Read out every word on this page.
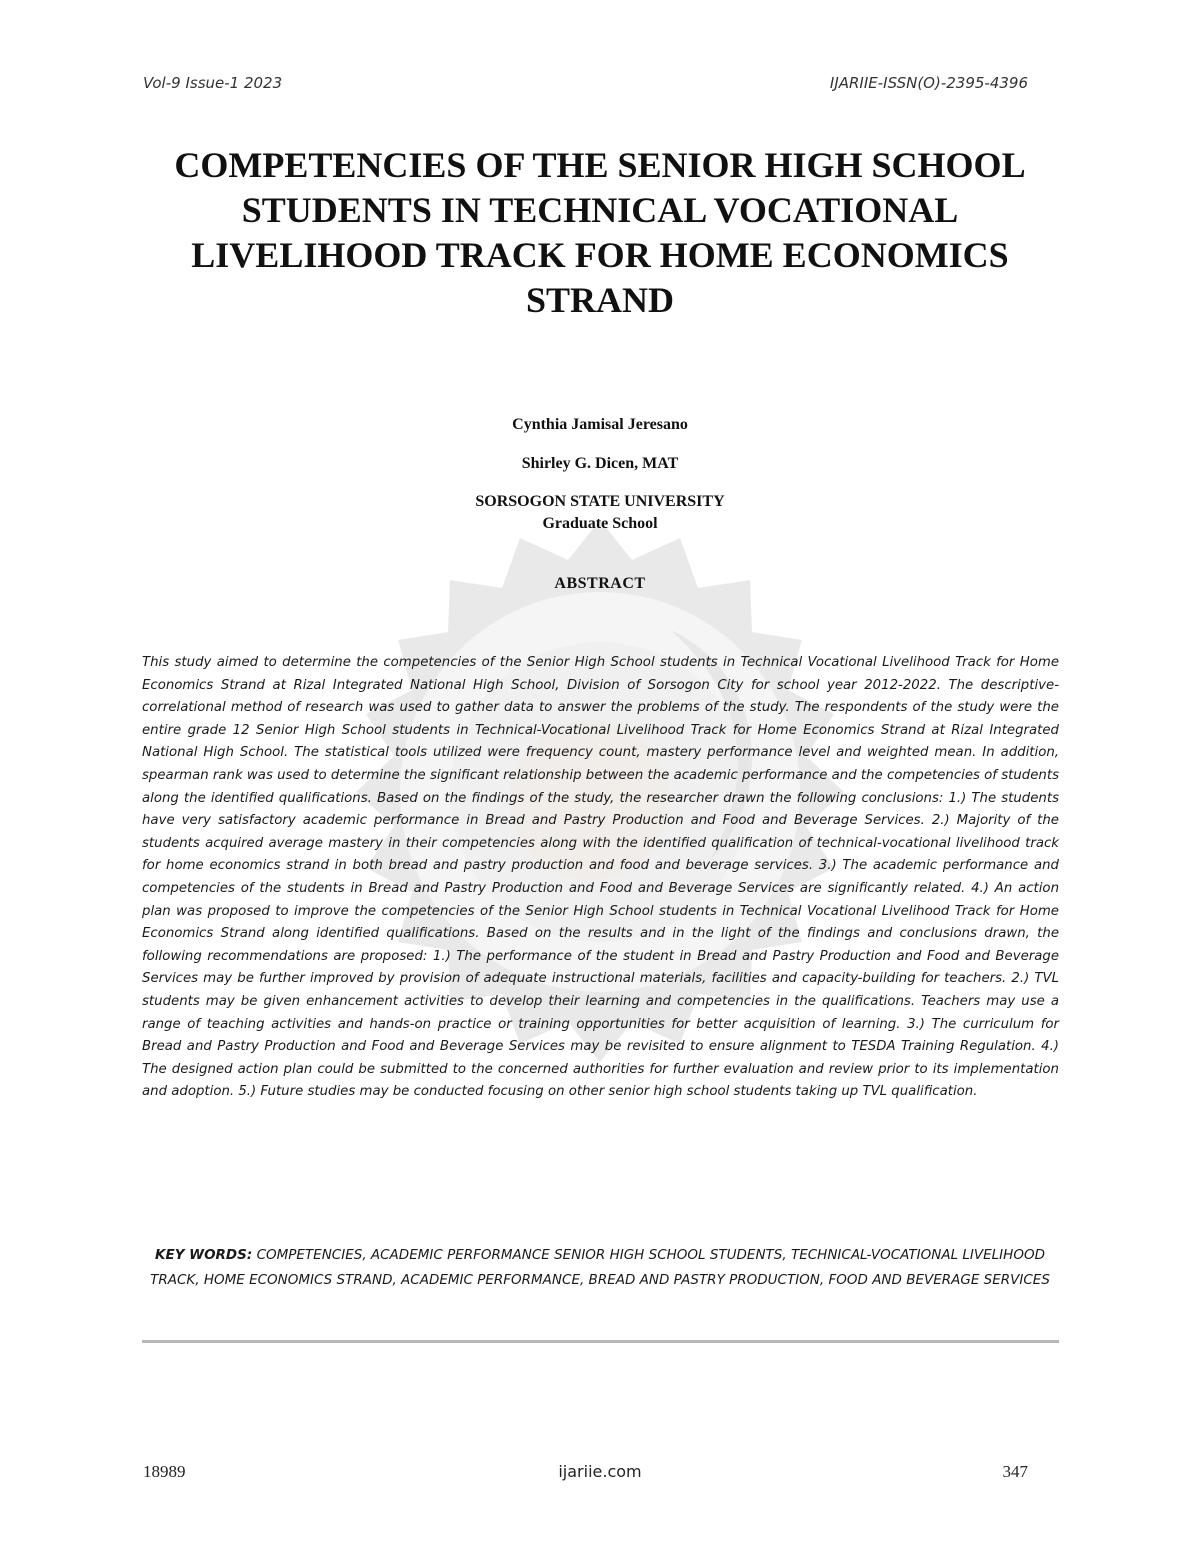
Vol-9 Issue-1 2023	IJARIIE-ISSN(O)-2395-4396
COMPETENCIES OF THE SENIOR HIGH SCHOOL STUDENTS IN TECHNICAL VOCATIONAL LIVELIHOOD TRACK FOR HOME ECONOMICS STRAND
Cynthia Jamisal Jeresano
Shirley G. Dicen, MAT
SORSOGON STATE UNIVERSITY
Graduate School
ABSTRACT

This study aimed to determine the competencies of the Senior High School students in Technical Vocational Livelihood Track for Home Economics Strand at Rizal Integrated National High School, Division of Sorsogon City for school year 2012-2022. The descriptive-correlational method of research was used to gather data to answer the problems of the study. The respondents of the study were the entire grade 12 Senior High School students in Technical-Vocational Livelihood Track for Home Economics Strand at Rizal Integrated National High School. The statistical tools utilized were frequency count, mastery performance level and weighted mean. In addition, spearman rank was used to determine the significant relationship between the academic performance and the competencies of students along the identified qualifications. Based on the findings of the study, the researcher drawn the following conclusions: 1.) The students have very satisfactory academic performance in Bread and Pastry Production and Food and Beverage Services. 2.) Majority of the students acquired average mastery in their competencies along with the identified qualification of technical-vocational livelihood track for home economics strand in both bread and pastry production and food and beverage services. 3.) The academic performance and competencies of the students in Bread and Pastry Production and Food and Beverage Services are significantly related. 4.) An action plan was proposed to improve the competencies of the Senior High School students in Technical Vocational Livelihood Track for Home Economics Strand along identified qualifications. Based on the results and in the light of the findings and conclusions drawn, the following recommendations are proposed: 1.) The performance of the student in Bread and Pastry Production and Food and Beverage Services may be further improved by provision of adequate instructional materials, facilities and capacity-building for teachers. 2.) TVL students may be given enhancement activities to develop their learning and competencies in the qualifications. Teachers may use a range of teaching activities and hands-on practice or training opportunities for better acquisition of learning. 3.) The curriculum for Bread and Pastry Production and Food and Beverage Services may be revisited to ensure alignment to TESDA Training Regulation. 4.) The designed action plan could be submitted to the concerned authorities for further evaluation and review prior to its implementation and adoption. 5.) Future studies may be conducted focusing on other senior high school students taking up TVL qualification.

KEY WORDS: COMPETENCIES, ACADEMIC PERFORMANCE SENIOR HIGH SCHOOL STUDENTS, TECHNICAL-VOCATIONAL LIVELIHOOD TRACK, HOME ECONOMICS STRAND, ACADEMIC PERFORMANCE, BREAD AND PASTRY PRODUCTION, FOOD AND BEVERAGE SERVICES

18989	ijariie.com	347
